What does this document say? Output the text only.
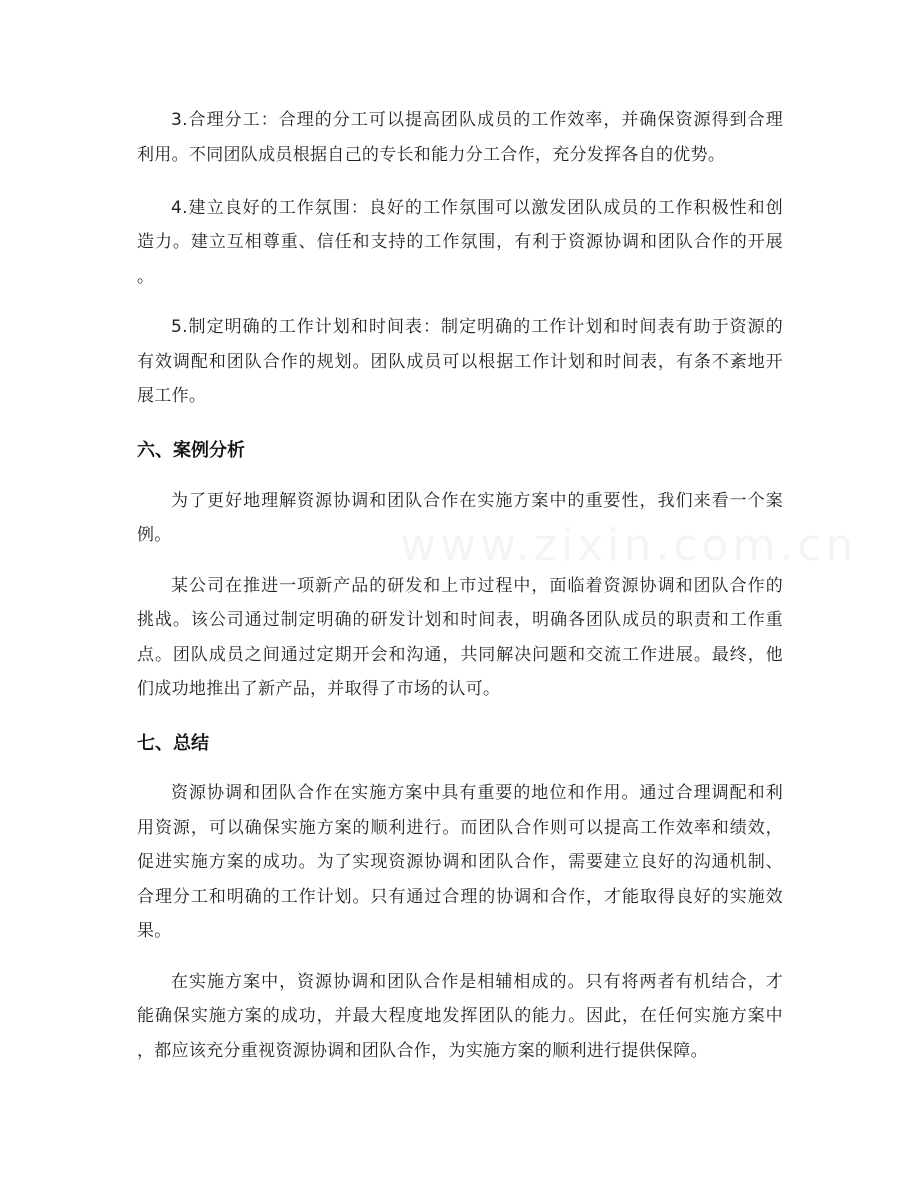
www.zixin.com.cn
3.合理分工：合理的分工可以提高团队成员的工作效率，并确保资源得到合理
利用。不同团队成员根据自己的专长和能力分工合作，充分发挥各自的优势。
4.建立良好的工作氛围：良好的工作氛围可以激发团队成员的工作积极性和创
造力。建立互相尊重、信任和支持的工作氛围，有利于资源协调和团队合作的开展
。
5.制定明确的工作计划和时间表：制定明确的工作计划和时间表有助于资源的
有效调配和团队合作的规划。团队成员可以根据工作计划和时间表，有条不紊地开
展工作。
六、案例分析
为了更好地理解资源协调和团队合作在实施方案中的重要性，我们来看一个案
例。
某公司在推进一项新产品的研发和上市过程中，面临着资源协调和团队合作的
挑战。该公司通过制定明确的研发计划和时间表，明确各团队成员的职责和工作重
点。团队成员之间通过定期开会和沟通，共同解决问题和交流工作进展。最终，他
们成功地推出了新产品，并取得了市场的认可。
七、总结
资源协调和团队合作在实施方案中具有重要的地位和作用。通过合理调配和利
用资源，可以确保实施方案的顺利进行。而团队合作则可以提高工作效率和绩效，
促进实施方案的成功。为了实现资源协调和团队合作，需要建立良好的沟通机制、
合理分工和明确的工作计划。只有通过合理的协调和合作，才能取得良好的实施效
果。
在实施方案中，资源协调和团队合作是相辅相成的。只有将两者有机结合，才
能确保实施方案的成功，并最大程度地发挥团队的能力。因此，在任何实施方案中
，都应该充分重视资源协调和团队合作，为实施方案的顺利进行提供保障。
